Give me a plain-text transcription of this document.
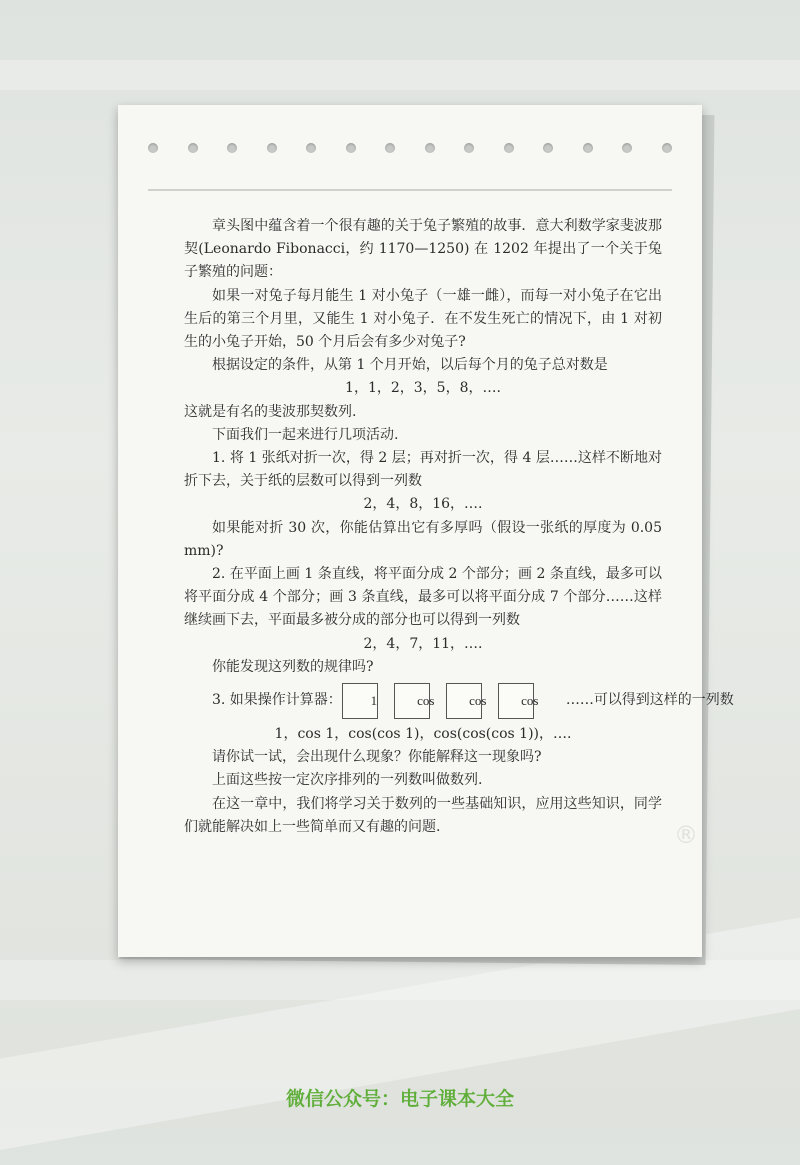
®

章头图中蕴含着一个很有趣的关于兔子繁殖的故事．意大利数学家斐波那契(Leonardo Fibonacci，约 1170—1250) 在 1202 年提出了一个关于兔子繁殖的问题：

如果一对兔子每月能生 1 对小兔子（一雄一雌），而每一对小兔子在它出生后的第三个月里，又能生 1 对小兔子．在不发生死亡的情况下，由 1 对初生的小兔子开始，50 个月后会有多少对兔子?

根据设定的条件，从第 1 个月开始，以后每个月的兔子总对数是

1，1，2，3，5，8，….

这就是有名的斐波那契数列.

下面我们一起来进行几项活动.

1. 将 1 张纸对折一次，得 2 层；再对折一次，得 4 层……这样不断地对折下去，关于纸的层数可以得到一列数

2，4，8，16，….

如果能对折 30 次，你能估算出它有多厚吗（假设一张纸的厚度为 0.05 mm)?

2. 在平面上画 1 条直线，将平面分成 2 个部分；画 2 条直线，最多可以将平面分成 4 个部分；画 3 条直线，最多可以将平面分成 7 个部分……这样继续画下去，平面最多被分成的部分也可以得到一列数

2，4，7，11，….

你能发现这列数的规律吗?

3. 如果操作计算器：	1	cos	cos	cos	……可以得到这样的一列数

1，cos 1，cos(cos 1)，cos(cos(cos 1))，….

请你试一试，会出现什么现象？你能解释这一现象吗?

上面这些按一定次序排列的一列数叫做数列.

在这一章中，我们将学习关于数列的一些基础知识，应用这些知识，同学们就能解决如上一些简单而又有趣的问题.

微信公众号：电子课本大全
